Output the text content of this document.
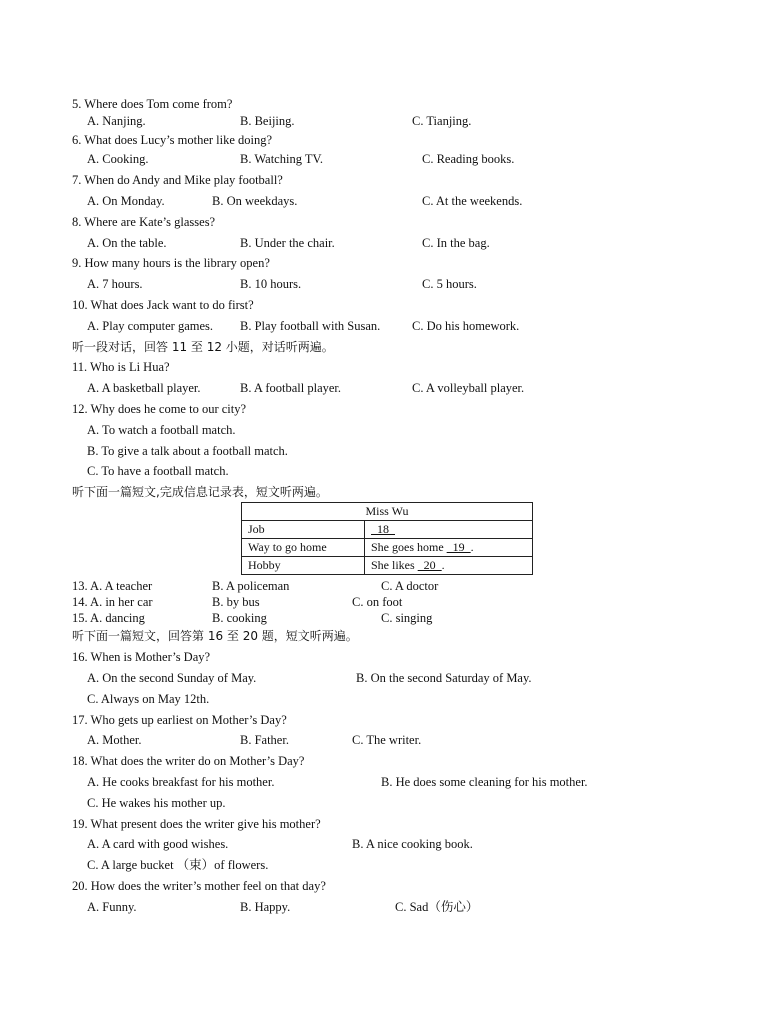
5. Where does Tom come from?
A. Nanjing.	B. Beijing.	C. Tianjing.
6. What does Lucy’s mother like doing?
A. Cooking.	B. Watching TV.	C. Reading books.
7. When do Andy and Mike play football?
A. On Monday.	B. On weekdays.	C. At the weekends.
8. Where are Kate’s glasses?
A. On the table.	B. Under the chair.	C. In the bag.
9. How many hours is the library open?
A. 7 hours.	B. 10 hours.	C. 5 hours.
10. What does Jack want to do first?
A. Play computer games. B. Play football with Susan.	C. Do his homework.
听一段对话，回答 11 至 12 小题，对话听两遍。
11. Who is Li Hua?
A. A basketball player.	B. A football player.	C. A volleyball player.
12. Why does he come to our city?
A. To watch a football match.
B. To give a talk about a football match.
C. To have a football match.
听下面一篇短文,完成信息记录表，短文听两遍。
Miss Wu	
Job	18
Way to go home	She goes home   19  .
Hobby	She likes   20  .
13. A. A teacher	B. A policeman	C. A doctor
14. A. in her car	B. by bus	C. on foot
15. A. dancing	B. cooking	C. singing
听下面一篇短文，回答第 16 至 20 题，短文听两遍。
16. When is Mother’s Day?
A. On the second Sunday of May.	B. On the second Saturday of May.
C. Always on May 12th.
17. Who gets up earliest on Mother’s Day?
A. Mother.	B. Father.	C. The writer.
18. What does the writer do on Mother’s Day?
A. He cooks breakfast for his mother.	B. He does some cleaning for his mother.
C. He wakes his mother up.
19. What present does the writer give his mother?
A. A card with good wishes.	B. A nice cooking book.
C. A large bucket （束）of flowers.
20. How does the writer’s mother feel on that day?
A. Funny.	B. Happy.	C. Sad（伤心）
